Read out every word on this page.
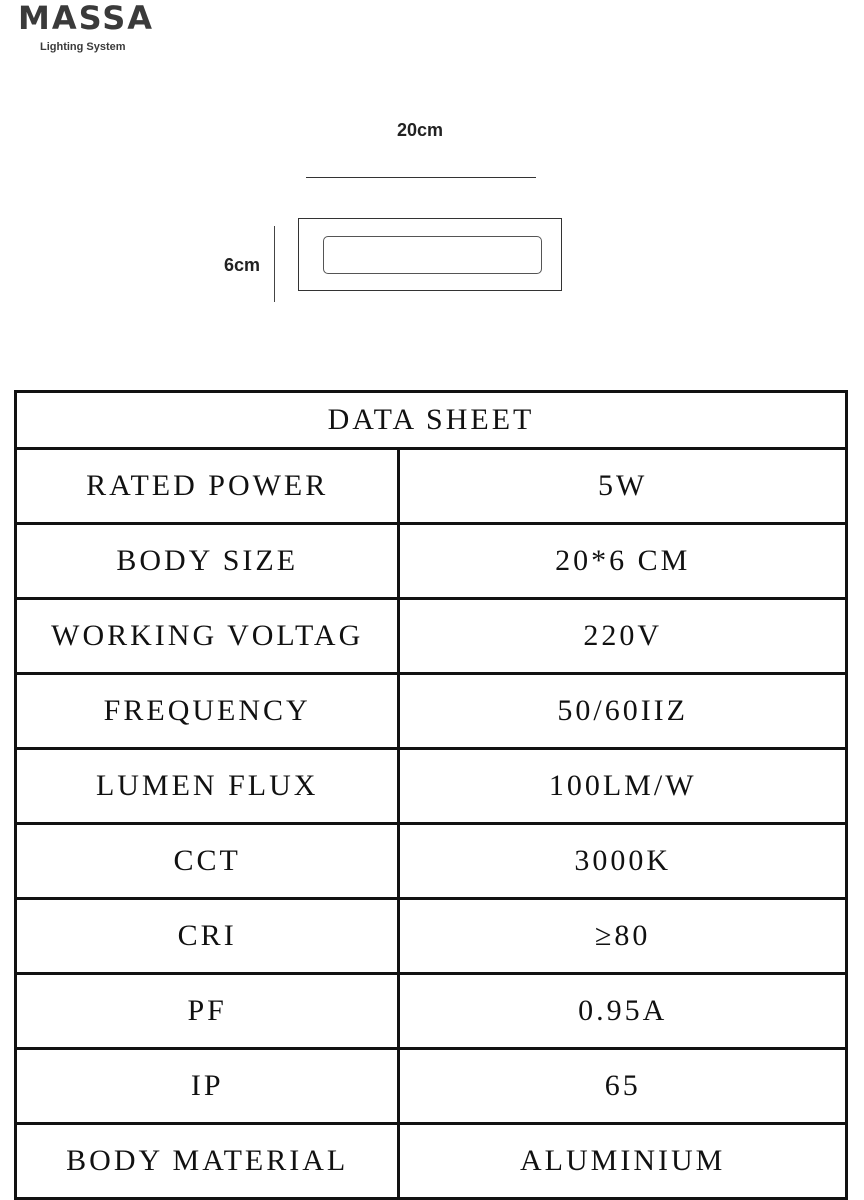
MASSA
Lighting System
20cm
6cm
DATA SHEET	
RATED POWER	5W
BODY SIZE	20*6 CM
WORKING VOLTAG	220V
FREQUENCY	50/60IIZ
LUMEN FLUX	100LM/W
CCT	3000K
CRI	≥80
PF	0.95A
IP	65
BODY MATERIAL	ALUMINIUM
